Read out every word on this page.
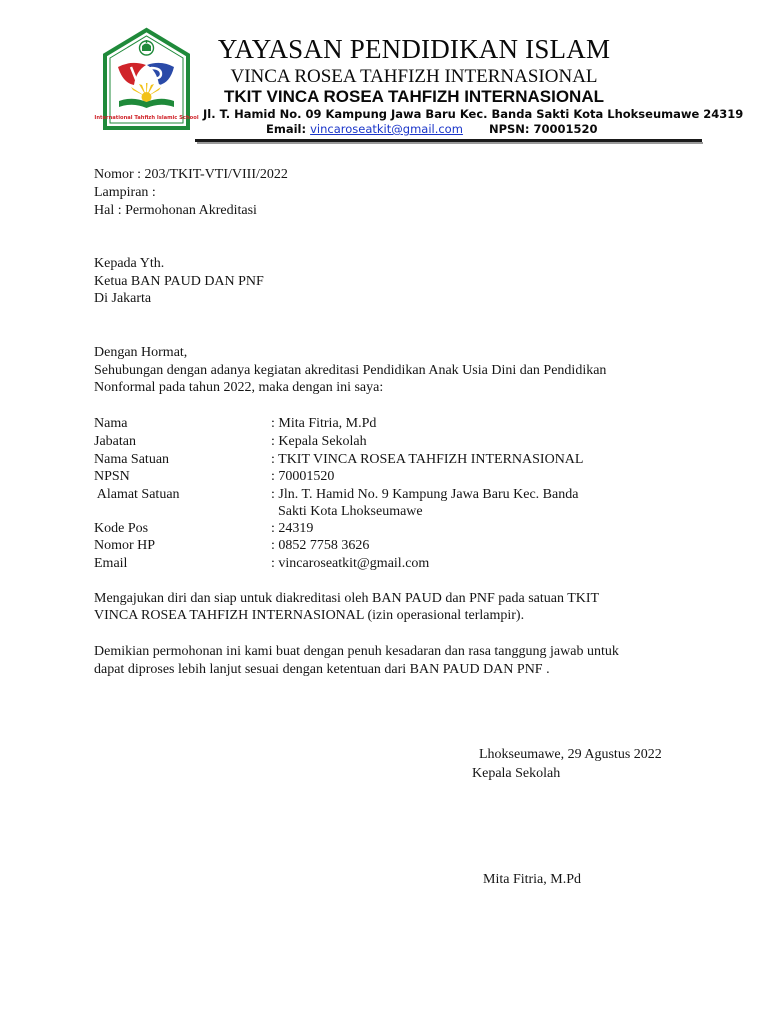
International Tahfizh Islamic School
YAYASAN PENDIDIKAN ISLAM
VINCA ROSEA TAHFIZH INTERNASIONAL
TKIT VINCA ROSEA TAHFIZH INTERNASIONAL
Jl. T. Hamid No. 09 Kampung Jawa Baru Kec. Banda Sakti Kota Lhokseumawe 24319
Email: vincaroseatkit@gmail.com NPSN: 70001520
Nomor : 203/TKIT-VTI/VIII/2022
Lampiran :
Hal : Permohonan Akreditasi
Kepada Yth.
Ketua BAN PAUD DAN PNF
Di Jakarta
Dengan Hormat,
Sehubungan dengan adanya kegiatan akreditasi Pendidikan Anak Usia Dini dan Pendidikan
Nonformal pada tahun 2022, maka dengan ini saya:
Nama	: Mita Fitria, M.Pd
Jabatan	: Kepala Sekolah
Nama Satuan	: TKIT VINCA ROSEA TAHFIZH INTERNASIONAL
NPSN	: 70001520
Alamat Satuan	: Jln. T. Hamid No. 9 Kampung Jawa Baru Kec. Banda
Sakti Kota Lhokseumawe
Kode Pos	: 24319
Nomor HP	: 0852 7758 3626
Email	: vincaroseatkit@gmail.com
Mengajukan diri dan siap untuk diakreditasi oleh BAN PAUD dan PNF pada satuan TKIT
VINCA ROSEA TAHFIZH INTERNASIONAL (izin operasional terlampir).
Demikian permohonan ini kami buat dengan penuh kesadaran dan rasa tanggung jawab untuk
dapat diproses lebih lanjut sesuai dengan ketentuan dari BAN PAUD DAN PNF .
Lhokseumawe, 29 Agustus 2022
Kepala Sekolah
Mita Fitria, M.Pd
